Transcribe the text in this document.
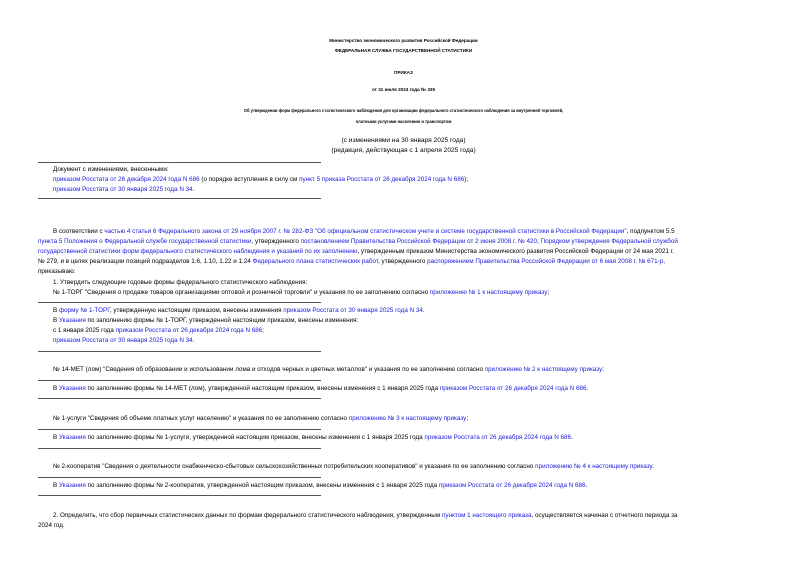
Министерство экономического развития Российской Федерации
ФЕДЕРАЛЬНАЯ СЛУЖБА ГОСУДАРСТВЕННОЙ СТАТИСТИКИ
ПРИКАЗ
от 31 июля 2024 года № 335
Об утверждении форм федерального статистического наблюдения для организации федерального статистического наблюдения за внутренней торговлей,
платными услугами населению и транспортом
(с изменениями на 30 января 2025 года)
(редакция, действующая с 1 апреля 2025 года)
Документ с изменениями, внесенными:
приказом Росстата от 26 декабря 2024 года N 686 (о порядке вступления в силу см пункт 5 приказа Росстата от 26 декабря 2024 года N 686);
приказом Росстата от 30 января 2025 года N 34.
В соответствии с частью 4 статьи 6 Федерального закона от 29 ноября 2007 г. № 282-ФЗ "Об официальном статистическом учете и системе государственной статистики в Российской Федерации", подпунктом 5.5
пункта 5 Положения о Федеральной службе государственной статистики, утвержденного постановлением Правительства Российской Федерации от 2 июня 2008 г. № 420, Порядком утверждения Федеральной службой
государственной статистики форм федерального статистического наблюдения и указаний по их заполнению, утвержденным приказом Министерства экономического развития Российской Федерации от 24 мая 2021 г.
№ 279, и в целях реализации позиций подразделов 1.6, 1.10, 1.22 и 1.24 Федерального плана статистических работ, утвержденного распоряжением Правительства Российской Федерации от 6 мая 2008 г. № 671-р,
приказываю:
1. Утвердить следующие годовые формы федерального статистического наблюдения:
№ 1-ТОРГ "Сведения о продаже товаров организациями оптовой и розничной торговли" и указания по ее заполнению согласно приложению № 1 к настоящему приказу;
В форму № 1-ТОРГ, утвержденную настоящим приказом, внесены изменения приказом Росстата от 30 января 2025 года N 34.
В Указания по заполнению формы № 1-ТОРГ, утвержденной настоящим приказом, внесены изменения:
с 1 января 2025 года приказом Росстата от 26 декабря 2024 года N 686;
приказом Росстата от 30 января 2025 года N 34.
№ 14-МЕТ (лом) "Сведения об образовании и использовании лома и отходов черных и цветных металлов" и указания по ее заполнению согласно приложению № 2 к настоящему приказу;
В Указания по заполнению формы № 14-МЕТ (лом), утвержденной настоящим приказом, внесены изменения с 1 января 2025 года приказом Росстата от 26 декабря 2024 года N 686.
№ 1-услуги "Сведения об объеме платных услуг населению" и указания по ее заполнению согласно приложению № 3 к настоящему приказу;
В Указания по заполнению формы № 1-услуги, утвержденной настоящим приказом, внесены изменения с 1 января 2025 года приказом Росстата от 26 декабря 2024 года N 686.
№ 2-кооператив "Сведения о деятельности снабженческо-сбытовых сельскохозяйственных потребительских кооперативов" и указания по ее заполнению согласно приложению № 4 к настоящему приказу.
В Указания по заполнению формы № 2-кооператив, утвержденной настоящим приказом, внесены изменения с 1 января 2025 года приказом Росстата от 26 декабря 2024 года N 686.
2. Определить, что сбор первичных статистических данных по формам федерального статистического наблюдения, утвержденным пунктом 1 настоящего приказа, осуществляется начиная с отчетного периода за
2024 год.
